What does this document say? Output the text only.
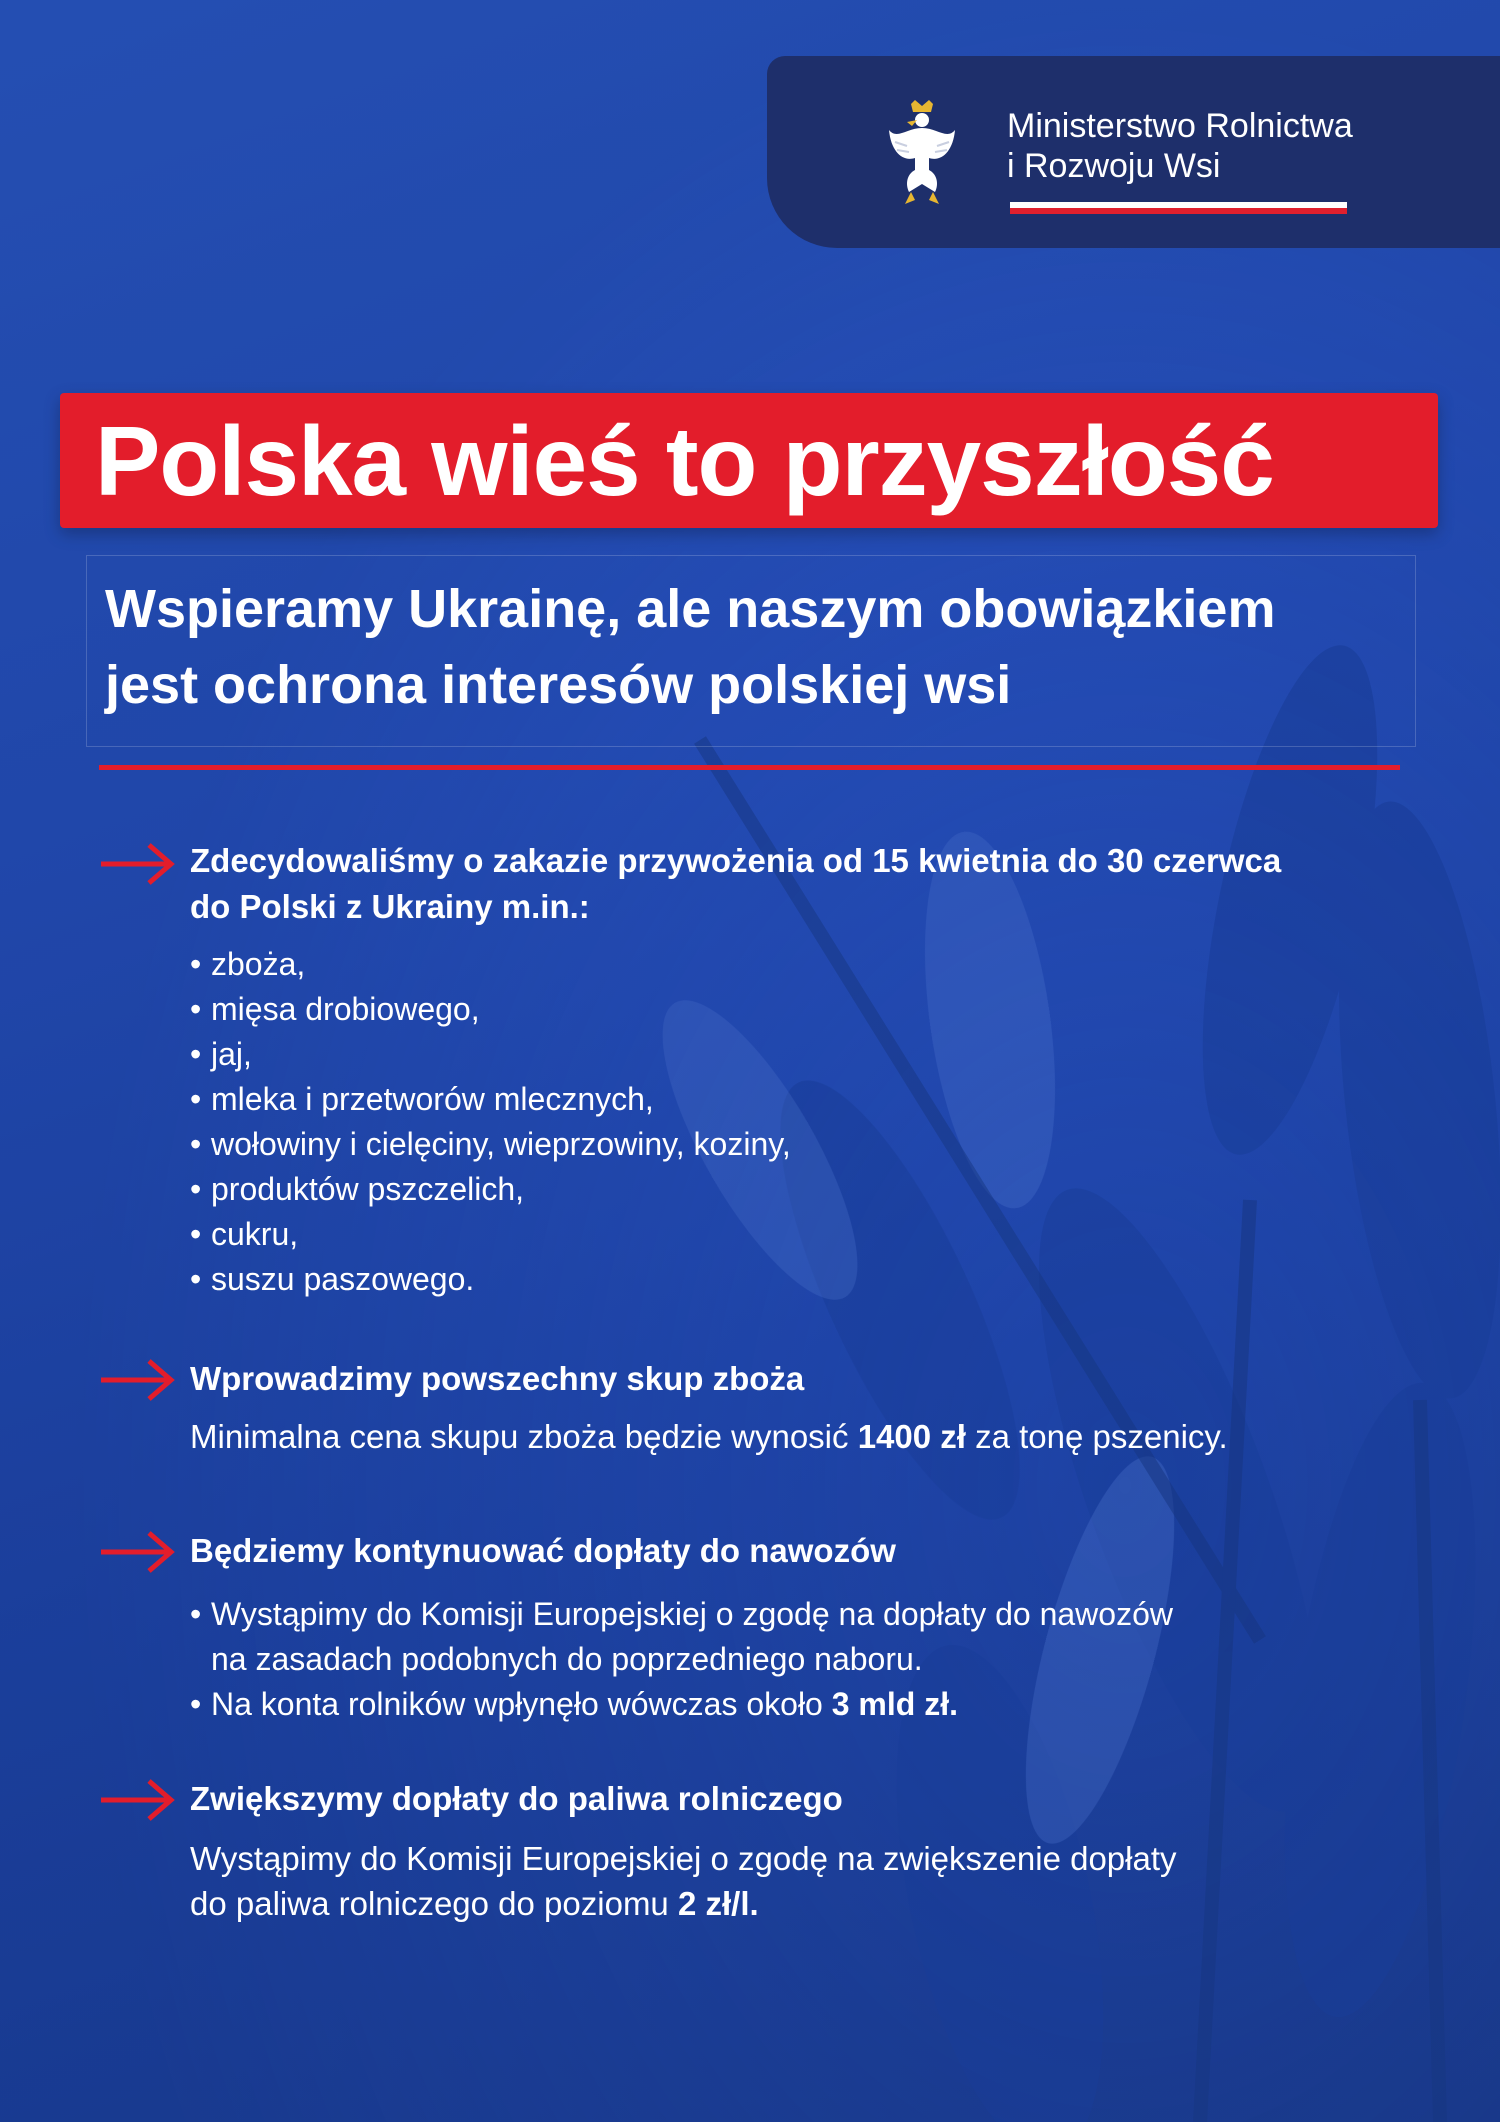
Ministerstwo Rolnictwa
i Rozwoju Wsi
Polska wieś to przyszłość
Wspieramy Ukrainę, ale naszym obowiązkiem
jest ochrona interesów polskiej wsi
Zdecydowaliśmy o zakazie przywożenia od 15 kwietnia do 30 czerwca
do Polski z Ukrainy m.in.:
• zboża,
• mięsa drobiowego,
• jaj,
• mleka i przetworów mlecznych,
• wołowiny i cielęciny, wieprzowiny, koziny,
• produktów pszczelich,
• cukru,
• suszu paszowego.
Wprowadzimy powszechny skup zboża
Minimalna cena skupu zboża będzie wynosić 1400 zł za tonę pszenicy.
Będziemy kontynuować dopłaty do nawozów
• Wystąpimy do Komisji Europejskiej o zgodę na dopłaty do nawozów
na zasadach podobnych do poprzedniego naboru.
• Na konta rolników wpłynęło wówczas około 3 mld zł.
Zwiększymy dopłaty do paliwa rolniczego
Wystąpimy do Komisji Europejskiej o zgodę na zwiększenie dopłaty
do paliwa rolniczego do poziomu 2 zł/l.
